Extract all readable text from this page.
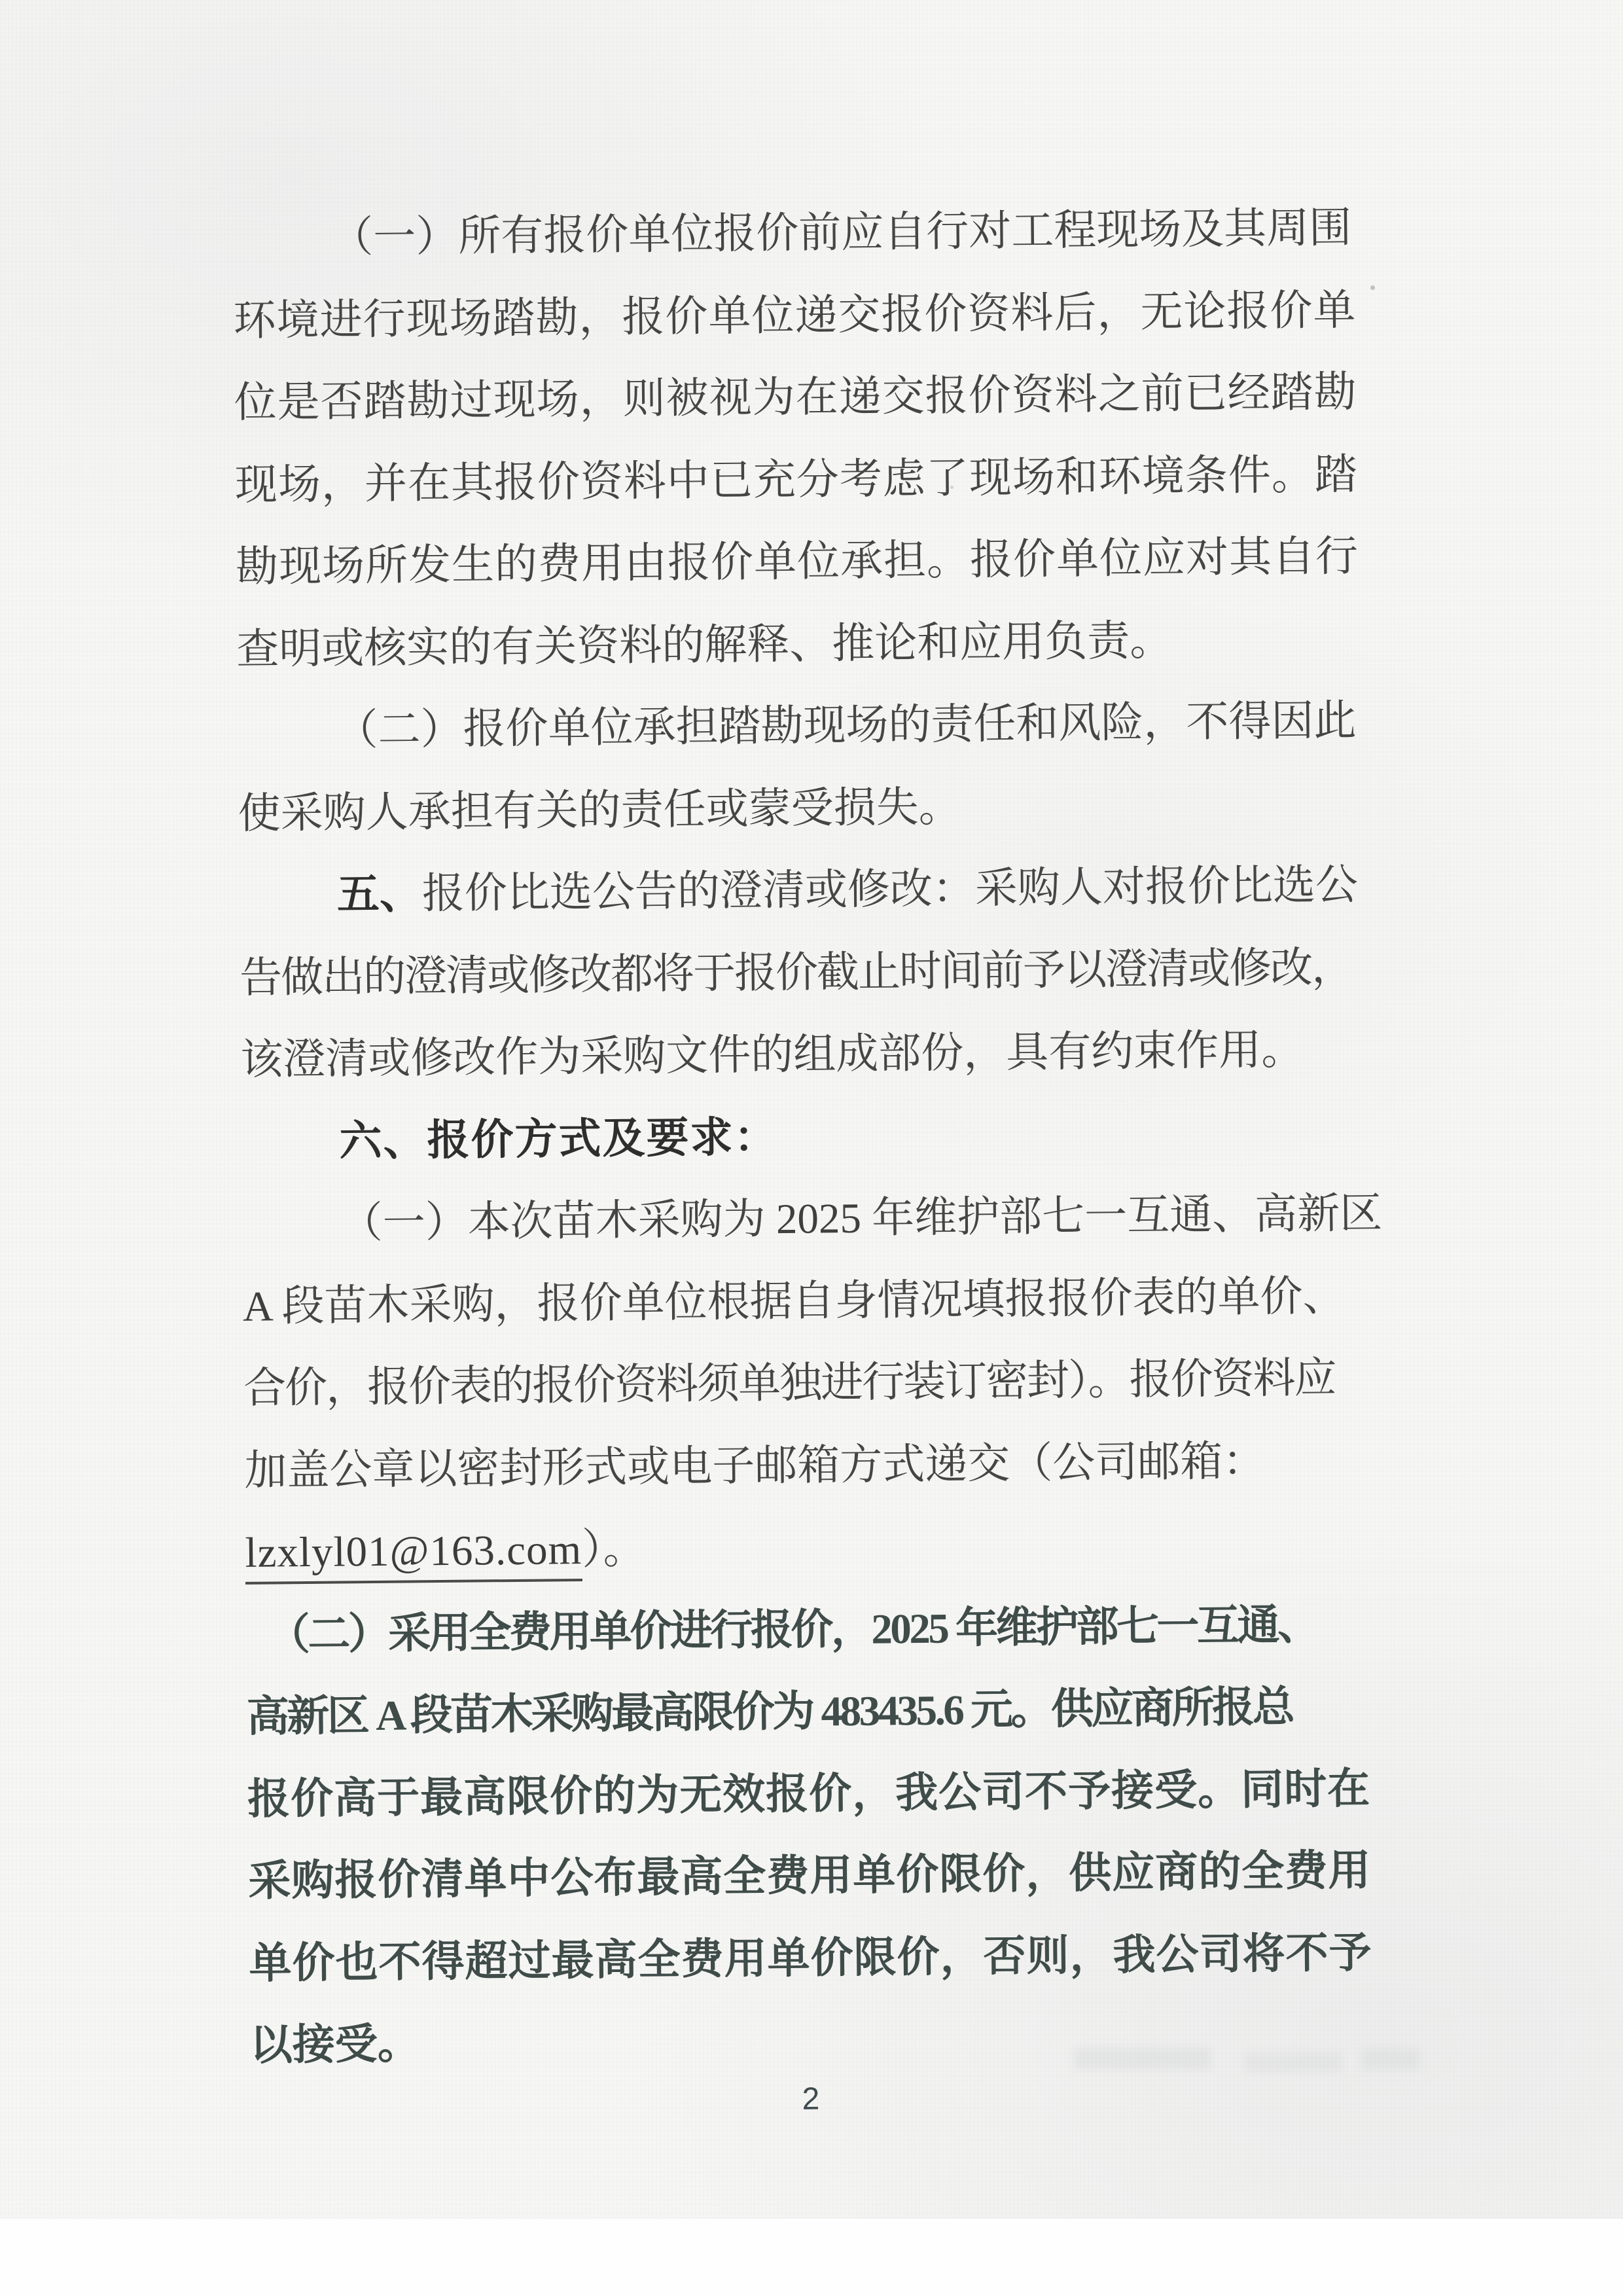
（一）所有报价单位报价前应自行对工程现场及其周围
环境进行现场踏勘，报价单位递交报价资料后，无论报价单
位是否踏勘过现场，则被视为在递交报价资料之前已经踏勘
现场，并在其报价资料中已充分考虑了现场和环境条件。踏
勘现场所发生的费用由报价单位承担。报价单位应对其自行
查明或核实的有关资料的解释、推论和应用负责。
（二）报价单位承担踏勘现场的责任和风险，不得因此
使采购人承担有关的责任或蒙受损失。
五、报价比选公告的澄清或修改：采购人对报价比选公
告做出的澄清或修改都将于报价截止时间前予以澄清或修改，
该澄清或修改作为采购文件的组成部份，具有约束作用。
六、报价方式及要求：
（一）本次苗木采购为 2025 年维护部七一互通、高新区
A 段苗木采购，报价单位根据自身情况填报报价表的单价、
合价，报价表的报价资料须单独进行装订密封）。报价资料应
加盖公章以密封形式或电子邮箱方式递交（公司邮箱：
lzxlyl01@163.com）。
（二）采用全费用单价进行报价，2025 年维护部七一互通、
高新区 A 段苗木采购最高限价为 483435.6 元。供应商所报总
报价高于最高限价的为无效报价，我公司不予接受。同时在
采购报价清单中公布最高全费用单价限价，供应商的全费用
单价也不得超过最高全费用单价限价，否则，我公司将不予
以接受。
2
